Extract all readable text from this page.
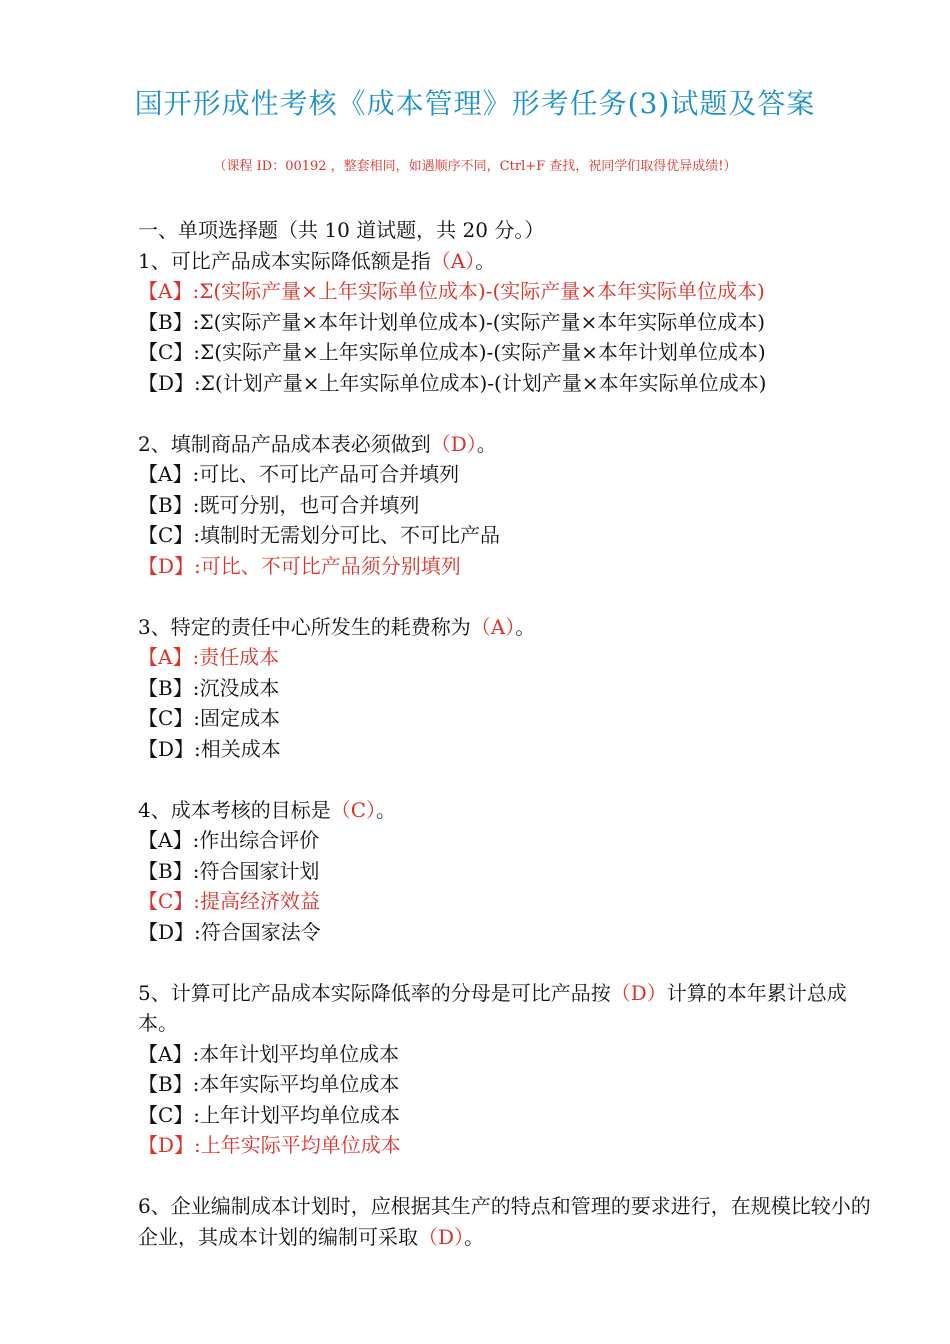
国开形成性考核《成本管理》形考任务(3)试题及答案
（课程 ID：00192 ，整套相同，如遇顺序不同，Ctrl+F 查找，祝同学们取得优异成绩!）
一、单项选择题（共 10 道试题，共 20 分。）
1、可比产品成本实际降低额是指（A）。
【A】:Σ(实际产量×上年实际单位成本)-(实际产量×本年实际单位成本)
【B】:Σ(实际产量×本年计划单位成本)-(实际产量×本年实际单位成本)
【C】:Σ(实际产量×上年实际单位成本)-(实际产量×本年计划单位成本)
【D】:Σ(计划产量×上年实际单位成本)-(计划产量×本年实际单位成本)
2、填制商品产品成本表必须做到（D）。
【A】:可比、不可比产品可合并填列
【B】:既可分别，也可合并填列
【C】:填制时无需划分可比、不可比产品
【D】:可比、不可比产品须分别填列
3、特定的责任中心所发生的耗费称为（A）。
【A】:责任成本
【B】:沉没成本
【C】:固定成本
【D】:相关成本
4、成本考核的目标是（C）。
【A】:作出综合评价
【B】:符合国家计划
【C】:提高经济效益
【D】:符合国家法令
5、计算可比产品成本实际降低率的分母是可比产品按（D）计算的本年累计总成本。
【A】:本年计划平均单位成本
【B】:本年实际平均单位成本
【C】:上年计划平均单位成本
【D】:上年实际平均单位成本
6、企业编制成本计划时，应根据其生产的特点和管理的要求进行，在规模比较小的企业，其成本计划的编制可采取（D）。
